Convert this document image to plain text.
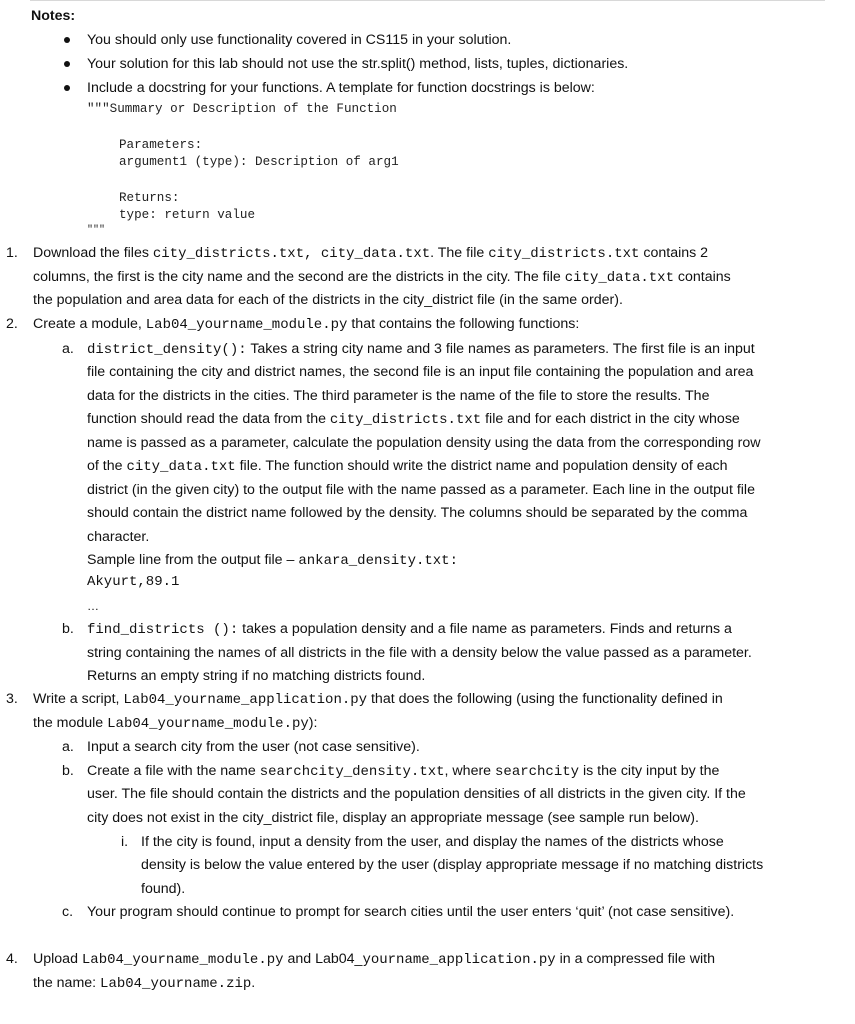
Notes:
You should only use functionality covered in CS115 in your solution.
Your solution for this lab should not use the str.split() method, lists, tuples, dictionaries.
Include a docstring for your functions. A template for function docstrings is below:
"""Summary or Description of the Function
Parameters:
argument1 (type): Description of arg1
Returns:
type: return value
"""
1. Download the files city_districts.txt, city_data.txt. The file city_districts.txt contains 2
columns, the first is the city name and the second are the districts in the city. The file city_data.txt contains
the population and area data for each of the districts in the city_district file (in the same order).
2. Create a module, Lab04_yourname_module.py that contains the following functions:
a. district_density(): Takes a string city name and 3 file names as parameters. The first file is an input
file containing the city and district names, the second file is an input file containing the population and area
data for the districts in the cities. The third parameter is the name of the file to store the results. The
function should read the data from the city_districts.txt file and for each district in the city whose
name is passed as a parameter, calculate the population density using the data from the corresponding row
of the city_data.txt file. The function should write the district name and population density of each
district (in the given city) to the output file with the name passed as a parameter. Each line in the output file
should contain the district name followed by the density. The columns should be separated by the comma
character.
Sample line from the output file – ankara_density.txt:
Akyurt,89.1
…
b. find_districts (): takes a population density and a file name as parameters. Finds and returns a
string containing the names of all districts in the file with a density below the value passed as a parameter.
Returns an empty string if no matching districts found.
3. Write a script, Lab04_yourname_application.py that does the following (using the functionality defined in
the module Lab04_yourname_module.py):
a. Input a search city from the user (not case sensitive).
b. Create a file with the name searchcity_density.txt, where searchcity is the city input by the
user. The file should contain the districts and the population densities of all districts in the given city. If the
city does not exist in the city_district file, display an appropriate message (see sample run below).
i. If the city is found, input a density from the user, and display the names of the districts whose
density is below the value entered by the user (display appropriate message if no matching districts
found).
c. Your program should continue to prompt for search cities until the user enters ‘quit’ (not case sensitive).
4. Upload Lab04_yourname_module.py and Lab04_yourname_application.py in a compressed file with
the name: Lab04_yourname.zip.
